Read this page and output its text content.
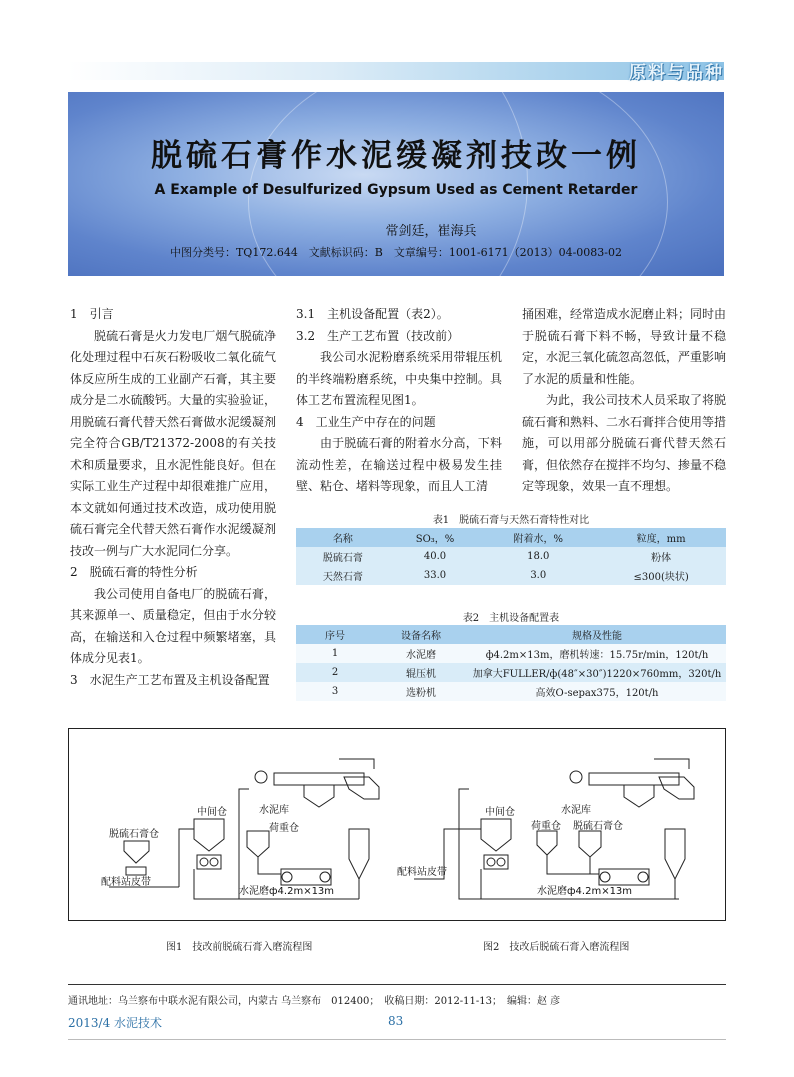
原料与品种
脱硫石膏作水泥缓凝剂技改一例
A Example of Desulfurized Gypsum Used as Cement Retarder
常剑廷，崔海兵
中图分类号：TQ172.644　文献标识码：B　文章编号：1001-6171（2013）04-0083-02

1　引言

脱硫石膏是火力发电厂烟气脱硫净化处理过程中石灰石粉吸收二氧化硫气体反应所生成的工业副产石膏，其主要成分是二水硫酸钙。大量的实验验证，用脱硫石膏代替天然石膏做水泥缓凝剂完全符合GB/T21372-2008的有关技术和质量要求，且水泥性能良好。但在实际工业生产过程中却很难推广应用，本文就如何通过技术改造，成功使用脱硫石膏完全代替天然石膏作水泥缓凝剂技改一例与广大水泥同仁分享。

2　脱硫石膏的特性分析

我公司使用自备电厂的脱硫石膏，其来源单一、质量稳定，但由于水分较高，在输送和入仓过程中频繁堵塞，具体成分见表1。

3　水泥生产工艺布置及主机设备配置

3.1　主机设备配置（表2）。

3.2　生产工艺布置（技改前）

我公司水泥粉磨系统采用带辊压机的半终端粉磨系统，中央集中控制。具体工艺布置流程见图1。

4　工业生产中存在的问题

由于脱硫石膏的附着水分高，下料流动性差，在输送过程中极易发生挂壁、粘仓、堵料等现象，而且人工清

捅困难，经常造成水泥磨止料；同时由于脱硫石膏下料不畅，导致计量不稳定，水泥三氧化硫忽高忽低，严重影响了水泥的质量和性能。

为此，我公司技术人员采取了将脱硫石膏和熟料、二水石膏拌合使用等措施，可以用部分脱硫石膏代替天然石膏，但依然存在搅拌不均匀、掺量不稳定等现象，效果一直不理想。

表1　脱硫石膏与天然石膏特性对比
名称	SO₃，%	附着水，%	粒度，mm
脱硫石膏	40.0	18.0	粉体
天然石膏	33.0	3.0	≤300(块状)
表2　主机设备配置表
序号	设备名称	规格及性能
1	水泥磨	ф4.2m×13m，磨机转速：15.75r/min，120t/h
2	辊压机	加拿大FULLER/ф(48″×30″)1220×760mm，320t/h
3	选粉机	高效O-sepax375，120t/h
中间仓	水泥库
荷重仓
脱硫石膏仓
配料站皮带
水泥磨ф4.2m×13m
中间仓	水泥库
荷重仓 脱硫石膏仓
配料站皮带
水泥磨ф4.2m×13m
图1　技改前脱硫石膏入磨流程图	图2　技改后脱硫石膏入磨流程图
通讯地址：乌兰察布中联水泥有限公司，内蒙古 乌兰察布　012400；　收稿日期：2012-11-13；　编辑：赵 彦
2013/4 水泥技术	83
